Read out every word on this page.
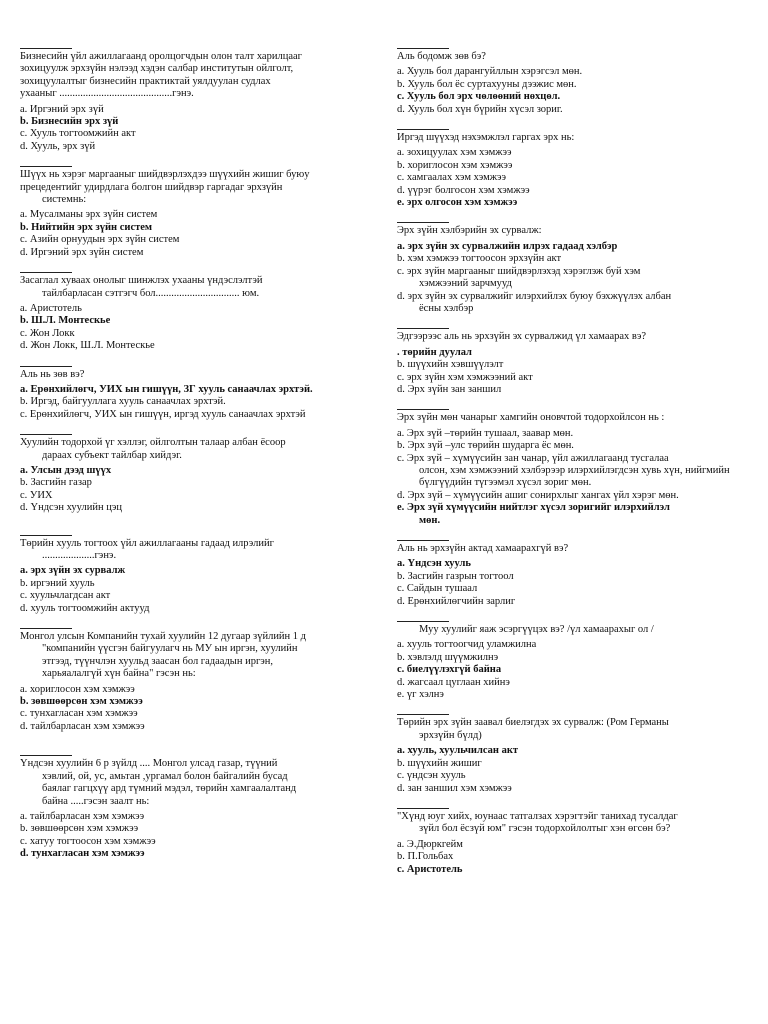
Бизнесийн үйл ажиллагаанд оролцогчдын олон талт харилцааг
зохицуулж эрхзүйн нэлээд хэдэн салбар институтын ойлголт,
зохицуулалтыг бизнесийн практиктай уялдуулан судлах
ухааныг ...........................................гэнэ.
a. Иргэний эрх зүй
b. Бизнесийн эрх зүй
c. Хууль тогтоомжийн акт
d. Хууль, эрх зүй
Шүүх нь хэрэг маргааныг шийдвэрлэхдээ шүүхийн жишиг буюу
прецедентийг удирдлага болгон шийдвэр гаргадаг эрхзүйн
системнь:
a. Мусалманы эрх зүйн систем
b. Нийтийн эрх зүйн систем
c. Азийн орнуудын эрх зүйн систем
d. Иргэний эрх зүйн систем
Засаглал хуваах онолыг шинжлэх ухааны үндэслэлтэй
тайлбарласан сэтгэгч бол................................ юм.
a. Аристотель
b. Ш.Л. Монтескье
c. Жон Локк
d. Жон Локк, Ш.Л. Монтескье
Аль нь зөв вэ?
a. Ерөнхийлөгч, УИХ ын гишүүн, ЗГ хууль санаачлах эрхтэй.
b. Иргэд, байгууллага хууль санаачлах эрхтэй.
c. Ерөнхийлөгч, УИХ ын гишүүн, иргэд хууль санаачлах эрхтэй
Хуулийн тодорхой үг хэллэг, ойлголтын талаар албан ёсоор
дараах субъект тайлбар хийдэг.
a. Улсын дээд шүүх
b. Засгийн газар
c. УИХ
d. Үндсэн хуулийн цэц
Төрийн хууль тогтоох үйл ажиллагааны гадаад илрэлийг
....................гэнэ.
a. эрх зүйн эх сурвалж
b. иргэний хууль
c. хуульчлагдсан акт
d. хууль тогтоомжийн актууд
Монгол улсын Компанийн тухай хуулийн 12 дугаар зүйлийн 1 д
"компанийн үүсгэн байгуулагч нь МУ ын иргэн, хуулийн
этгээд, түүнчлэн хуульд заасан бол гадаадын иргэн,
харьяалалгүй хүн байна" гэсэн нь:
a. хориглосон хэм хэмжээ
b. зөвшөөрсөн хэм хэмжээ
c. тунхагласан хэм хэмжээ
d. тайлбарласан хэм хэмжээ
Үндсэн хуулийн 6 р зүйлд .... Монгол улсад газар, түүний
хэвлий, ой, ус, амьтан ,ургамал болон байгалийн бусад
баялаг гагцхүү ард түмний мэдэл, төрийн хамгаалалтанд
байна .....гэсэн заалт нь:
a. тайлбарласан хэм хэмжээ
b. зөвшөөрсөн хэм хэмжээ
c. хатуу тогтоосон хэм хэмжээ
d. тунхагласан хэм хэмжээ
Аль бодомж зөв бэ?
a. Хууль бол дарангуйллын хэрэгсэл мөн.
b. Хууль бол ёс суртахууны дээжис мөн.
c. Хууль бол эрх чөлөөний нөхцөл.
d. Хууль бол хүн бүрийн хүсэл зориг.
Иргэд шүүхэд нэхэмжлэл гаргах эрх нь:
a. зохицуулах хэм хэмжээ
b. хориглосон хэм хэмжээ
c. хамгаалах хэм хэмжээ
d. үүрэг болгосон хэм хэмжээ
e. эрх олгосон хэм хэмжээ
Эрх зүйн хэлбэрийн эх сурвалж:
a. эрх зүйн эх сурвалжийн илрэх гадаад хэлбэр
b. хэм хэмжээ тогтоосон эрхзүйн акт
c. эрх зүйн маргааныг шийдвэрлэхэд хэрэглэж буй хэм
хэмжээний зарчмууд
d. эрх зүйн эх сурвалжийг илэрхийлэх буюу бэхжүүлэх албан
ёсны хэлбэр
Эдгээрээс аль нь эрхзүйн эх сурвалжид үл хамаарах вэ?
. төрийн дуулал
b. шүүхийн хэвшүүлэлт
c. эрх зүйн хэм хэмжээний акт
d. Эрх зүйн зан заншил
Эрх зүйн мөн чанарыг хамгийн оновчтой тодорхойлсон нь :
a. Эрх зүй –төрийн тушаал, заавар мөн.
b. Эрх зүй –улс төрийн шударга ёс мөн.
c. Эрх зүй – хүмүүсийн зан чанар, үйл ажиллагаанд тусгалаа
олсон, хэм хэмжээний хэлбэрээр илэрхийлэгдсэн хувь хүн, нийгмийн бүлгүүдийн түгээмэл хүсэл зориг мөн.
d. Эрх зүй – хүмүүсийн ашиг сонирхлыг хангах үйл хэрэг мөн.
e. Эрх зүй хүмүүсийн нийтлэг хүсэл зоригийг илэрхийлэл
мөн.
Аль нь эрхзүйн актад хамаарахгүй вэ?
a. Үндсэн хууль
b. Засгийн газрын тогтоол
c. Сайдын тушаал
d. Ерөнхийлөгчийн зарлиг
Муу хуулийг яаж эсэргүүцэх вэ? /үл хамаарахыг ол /
a. хууль тогтоогчид уламжилна
b. хэвлэлд шүүмжилнэ
c. биелүүлэхгүй байна
d. жагсаал цуглаан хийнэ
e. үг хэлнэ
Төрийн эрх зүйн заавал биелэгдэх эх сурвалж: (Ром Германы
эрхзүйн бүлд)
a. хууль, хуульчилсан акт
b. шүүхийн жишиг
c. үндсэн хууль
d. зан заншил хэм хэмжээ
"Хүнд юуг хийх, юунаас татгалзах хэрэгтэйг танихад тусалдаг
зүйл бол ёсзүй юм" гэсэн тодорхойлолтыг хэн өгсөн бэ?
a. Э.Дюркгейм
b. П.Гольбах
c. Аристотель
